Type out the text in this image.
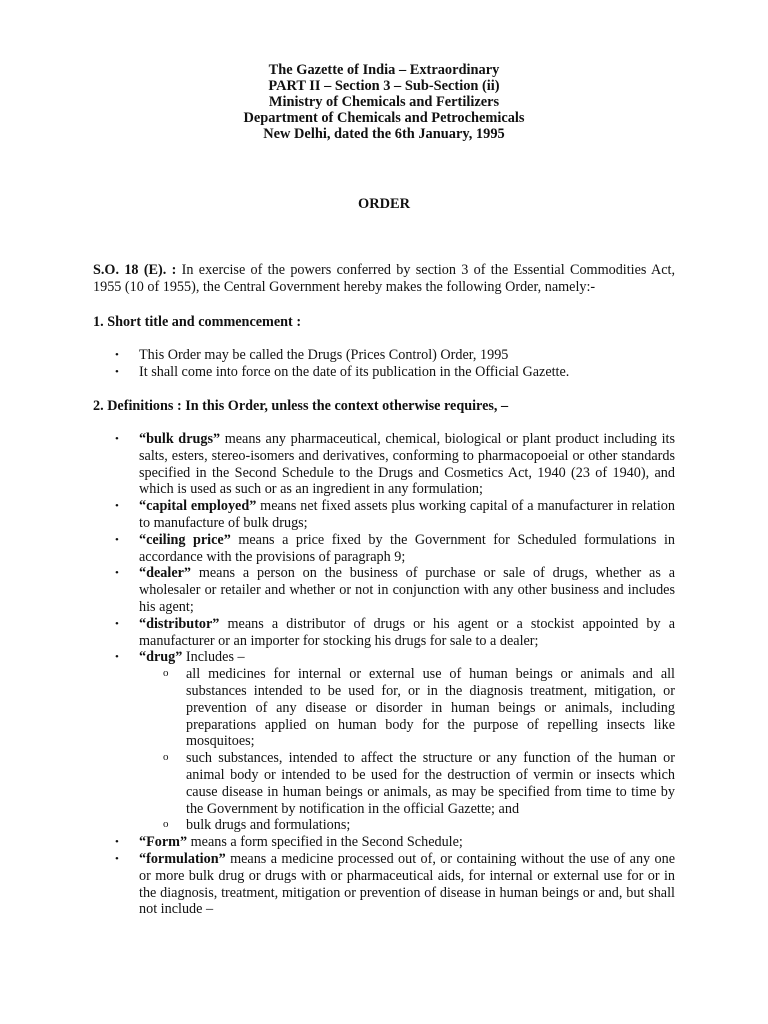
The Gazette of India – Extraordinary
PART II – Section 3 – Sub-Section (ii)
Ministry of Chemicals and Fertilizers
Department of Chemicals and Petrochemicals
New Delhi, dated the 6th January, 1995
ORDER
S.O. 18 (E). : In exercise of the powers conferred by section 3 of the Essential Commodities Act, 1955 (10 of 1955), the Central Government hereby makes the following Order, namely:-
1. Short title and commencement :
• This Order may be called the Drugs (Prices Control) Order, 1995
• It shall come into force on the date of its publication in the Official Gazette.
2. Definitions : In this Order, unless the context otherwise requires, –
• “bulk drugs” means any pharmaceutical, chemical, biological or plant product including its salts, esters, stereo-isomers and derivatives, conforming to pharmacopoeial or other standards specified in the Second Schedule to the Drugs and Cosmetics Act, 1940 (23 of 1940), and which is used as such or as an ingredient in any formulation;
• “capital employed” means net fixed assets plus working capital of a manufacturer in relation to manufacture of bulk drugs;
• “ceiling price” means a price fixed by the Government for Scheduled formulations in accordance with the provisions of paragraph 9;
• “dealer” means a person on the business of purchase or sale of drugs, whether as a wholesaler or retailer and whether or not in conjunction with any other business and includes his agent;
• “distributor” means a distributor of drugs or his agent or a stockist appointed by a manufacturer or an importer for stocking his drugs for sale to a dealer;
• “drug” Includes –
o all medicines for internal or external use of human beings or animals and all substances intended to be used for, or in the diagnosis treatment, mitigation, or prevention of any disease or disorder in human beings or animals, including preparations applied on human body for the purpose of repelling insects like mosquitoes;
o such substances, intended to affect the structure or any function of the human or animal body or intended to be used for the destruction of vermin or insects which cause disease in human beings or animals, as may be specified from time to time by the Government by notification in the official Gazette; and
o bulk drugs and formulations;
• “Form” means a form specified in the Second Schedule;
• “formulation” means a medicine processed out of, or containing without the use of any one or more bulk drug or drugs with or pharmaceutical aids, for internal or external use for or in the diagnosis, treatment, mitigation or prevention of disease in human beings or and, but shall not include –
